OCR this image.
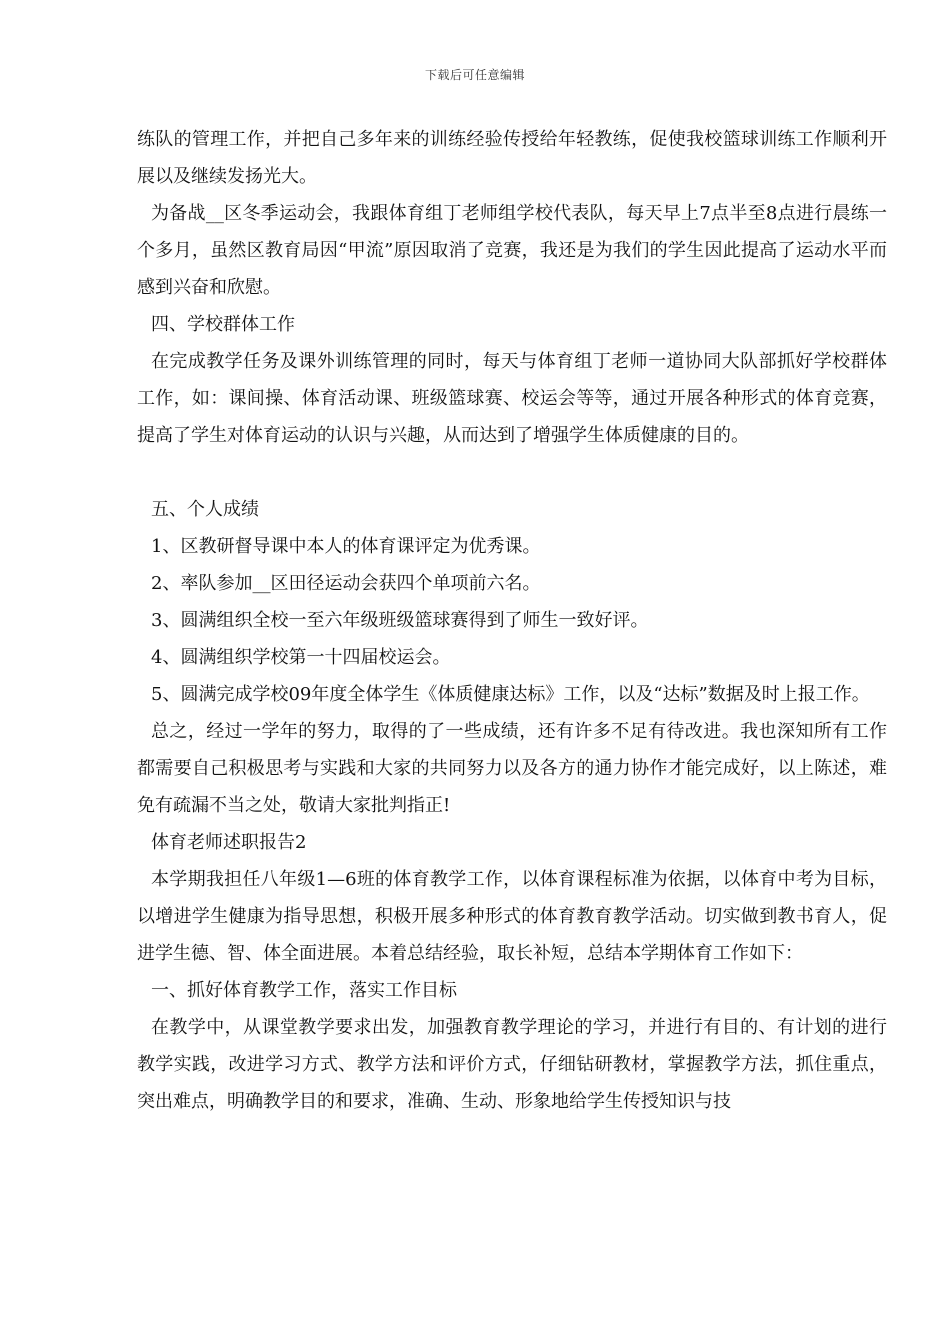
下载后可任意编辑

练队的管理工作，并把自己多年来的训练经验传授给年轻教练，促使我校篮球训练工作顺利开展以及继续发扬光大。

为备战__区冬季运动会，我跟体育组丁老师组学校代表队，每天早上7点半至8点进行晨练一个多月，虽然区教育局因“甲流”原因取消了竞赛，我还是为我们的学生因此提高了运动水平而感到兴奋和欣慰。

四、学校群体工作

在完成教学任务及课外训练管理的同时，每天与体育组丁老师一道协同大队部抓好学校群体工作，如：课间操、体育活动课、班级篮球赛、校运会等等，通过开展各种形式的体育竞赛，提高了学生对体育运动的认识与兴趣，从而达到了增强学生体质健康的目的。

五、个人成绩

1、区教研督导课中本人的体育课评定为优秀课。

2、率队参加__区田径运动会获四个单项前六名。

3、圆满组织全校一至六年级班级篮球赛得到了师生一致好评。

4、圆满组织学校第一十四届校运会。

5、圆满完成学校09年度全体学生《体质健康达标》工作，以及“达标”数据及时上报工作。

总之，经过一学年的努力，取得的了一些成绩，还有许多不足有待改进。我也深知所有工作都需要自己积极思考与实践和大家的共同努力以及各方的通力协作才能完成好，以上陈述，难免有疏漏不当之处，敬请大家批判指正!

体育老师述职报告2

本学期我担任八年级1—6班的体育教学工作，以体育课程标准为依据，以体育中考为目标，以增进学生健康为指导思想，积极开展多种形式的体育教育教学活动。切实做到教书育人，促进学生德、智、体全面进展。本着总结经验，取长补短，总结本学期体育工作如下：

一、抓好体育教学工作，落实工作目标

在教学中，从课堂教学要求出发，加强教育教学理论的学习，并进行有目的、有计划的进行教学实践，改进学习方式、教学方法和评价方式，仔细钻研教材，掌握教学方法，抓住重点，突出难点，明确教学目的和要求，准确、生动、形象地给学生传授知识与技
